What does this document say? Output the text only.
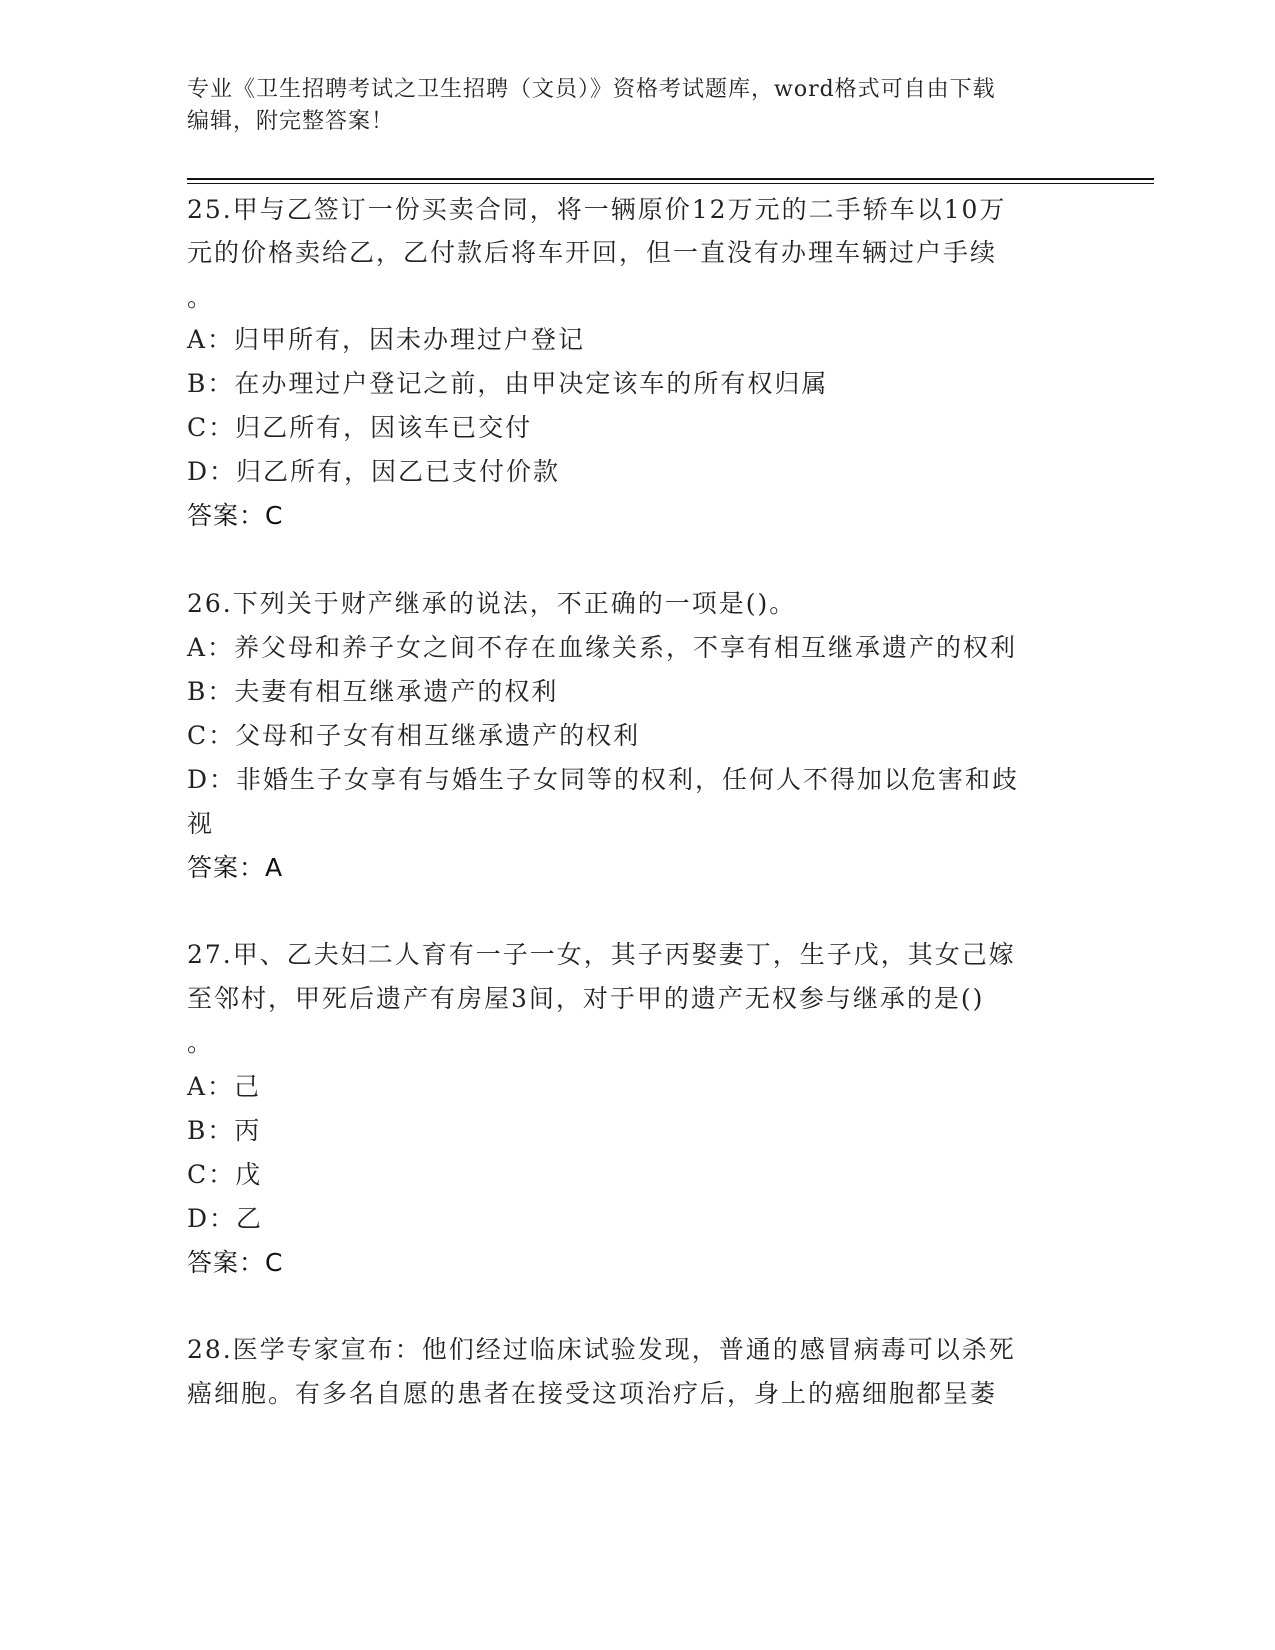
专业《卫生招聘考试之卫生招聘（文员）》资格考试题库，word格式可自由下载
编辑，附完整答案！
25.甲与乙签订一份买卖合同，将一辆原价12万元的二手轿车以10万
元的价格卖给乙，乙付款后将车开回，但一直没有办理车辆过户手续
。
A：归甲所有，因未办理过户登记
B：在办理过户登记之前，由甲决定该车的所有权归属
C：归乙所有，因该车已交付
D：归乙所有，因乙已支付价款
答案：C
26.下列关于财产继承的说法，不正确的一项是()。
A：养父母和养子女之间不存在血缘关系，不享有相互继承遗产的权利
B：夫妻有相互继承遗产的权利
C：父母和子女有相互继承遗产的权利
D：非婚生子女享有与婚生子女同等的权利，任何人不得加以危害和歧
视
答案：A
27.甲、乙夫妇二人育有一子一女，其子丙娶妻丁，生子戊，其女己嫁
至邻村，甲死后遗产有房屋3间，对于甲的遗产无权参与继承的是()
。
A：己
B：丙
C：戊
D：乙
答案：C
28.医学专家宣布：他们经过临床试验发现，普通的感冒病毒可以杀死
癌细胞。有多名自愿的患者在接受这项治疗后，身上的癌细胞都呈萎
